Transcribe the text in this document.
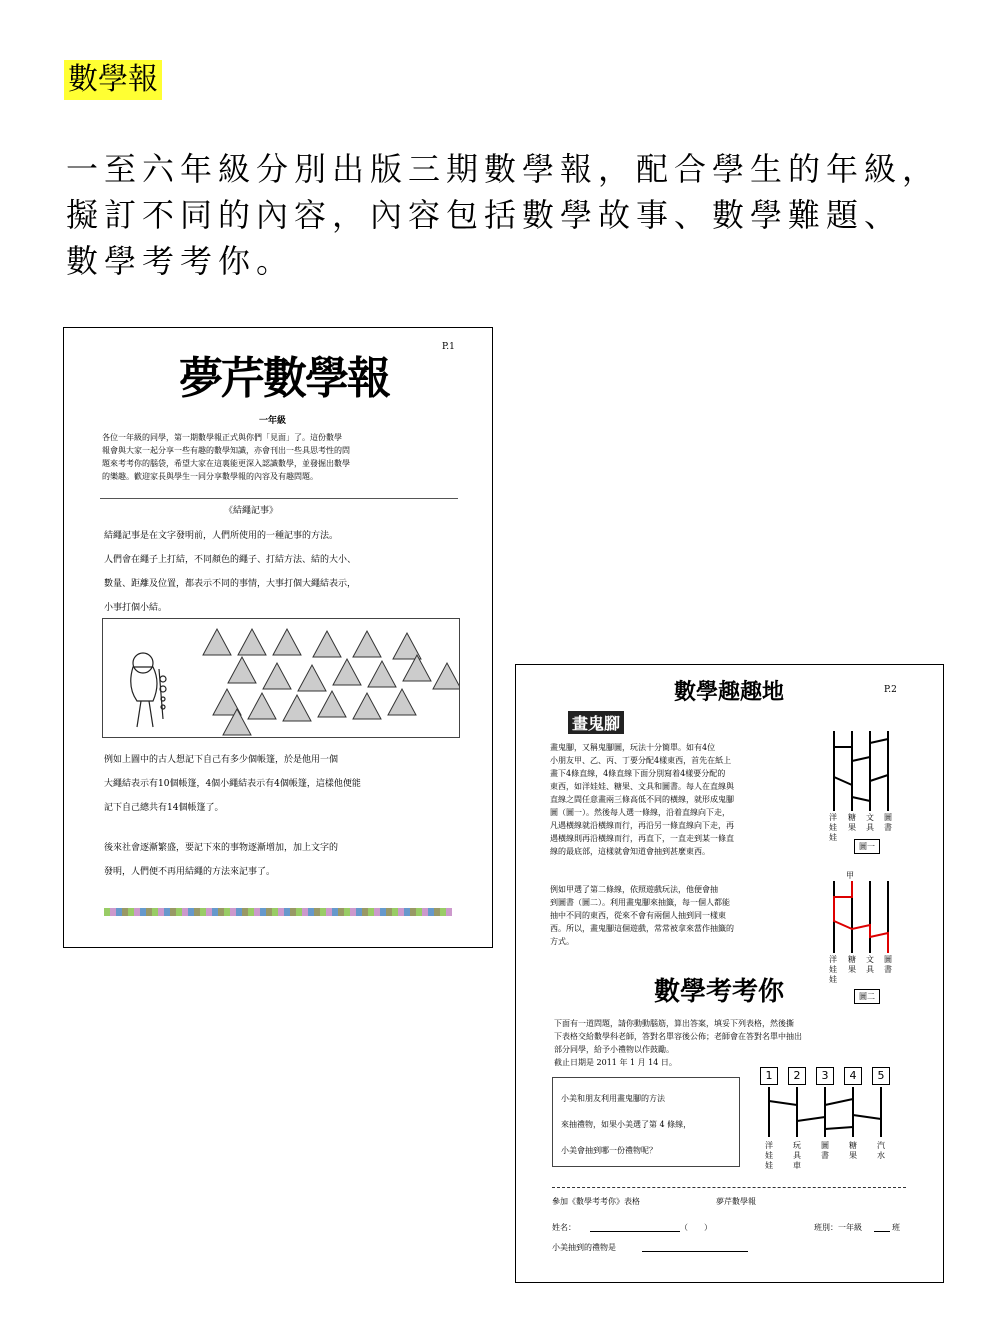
數學報
一至六年級分別出版三期數學報，配合學生的年級，
擬訂不同的內容，內容包括數學故事、數學難題、
數學考考你。
P.1
夢芹數學報
一年級
各位一年級的同學，第一期數學報正式與你們「見面」了。這份數學
報會與大家一起分享一些有趣的數學知識，亦會刊出一些具思考性的問
題來考考你的腦袋，希望大家在這裏能更深入認識數學，並發掘出數學
的樂趣。歡迎家長與學生一同分享數學報的內容及有趣問題。
《結繩記事》
結繩記事是在文字發明前，人們所使用的一種記事的方法。
人們會在繩子上打結，不同顏色的繩子、打結方法、結的大小、
數量、距離及位置，都表示不同的事情，大事打個大繩結表示，
小事打個小結。
例如上圖中的古人想記下自己有多少個帳篷，於是他用一個
大繩結表示有10個帳篷，4個小繩結表示有4個帳篷，這樣他便能
記下自己總共有14個帳篷了。
後來社會逐漸繁盛，要記下來的事物逐漸增加，加上文字的
發明，人們便不再用結繩的方法來記事了。
P.2
數學趣趣地
畫鬼腳
畫鬼腳，又稱鬼腳圖，玩法十分簡單。如有4位
小朋友甲、乙、丙、丁要分配4樣東西，首先在紙上
畫下4條直線，4條直線下面分別寫着4樣要分配的
東西，如洋娃娃、糖果、文具和圖書。每人在直線與
直線之間任意畫兩三條高低不同的橫線，就形成鬼腳
圖（圖一）。然後每人選一條線，沿着直線向下走，
凡遇橫線就沿橫線而行，再沿另一條直線向下走，再
遇橫線則再沿橫線而行，再直下，一直走到某一條直
線的最底部，這樣就會知道會抽到甚麼東西。
例如甲選了第二條線，依照遊戲玩法，他便會抽
到圖書（圖二）。利用畫鬼腳來抽籤，每一個人都能
抽中不同的東西，從來不會有兩個人抽到同一樣東
西。所以，畫鬼腳這個遊戲，常常被拿來當作抽籤的
方式。
洋娃娃
糖果
文具
圖書
圖一
甲
洋娃娃
糖果
文具
圖書
圖二
數學考考你
下面有一道問題，請你動動腦筋，算出答案，填妥下列表格，然後撕
下表格交給數學科老師，答對名單容後公佈；老師會在答對名單中抽出
部分同學，給予小禮物以作鼓勵。
截止日期是 2011 年 1 月 14 日。
小美和朋友利用畫鬼腳的方法
來抽禮物，如果小美選了第 4 條線，
小美會抽到哪一份禮物呢？
1	2	3	4	5
洋娃娃
玩具車
圖書
糖果
汽水
參加《數學考考你》表格	夢芹數學報
姓名：	（　　）	班別：一年級	班
小美抽到的禮物是
